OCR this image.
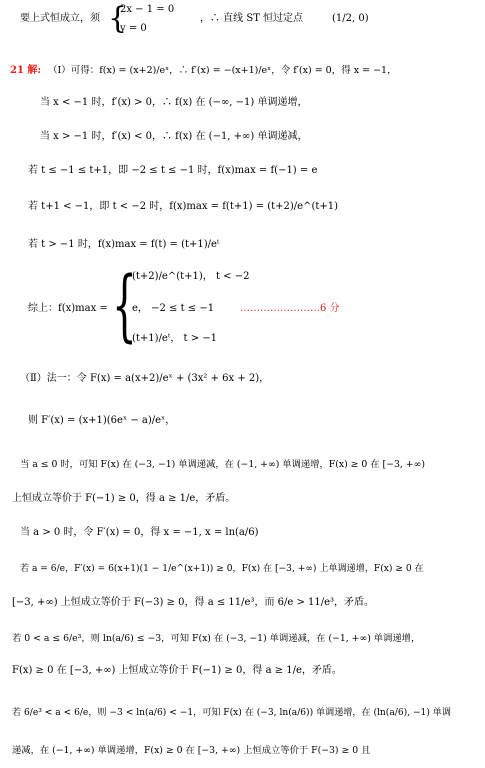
要上式恒成立，须 {
2x − 1 = 0
y = 0
，∴ 直线 ST 恒过定点	(1/2, 0)
21 解: （Ⅰ）可得：f(x) = (x+2)/eˣ，∴ f′(x) = −(x+1)/eˣ，令 f′(x) = 0，得 x = −1，
当 x < −1 时，f′(x) > 0，∴ f(x) 在 (−∞, −1) 单调递增，
当 x > −1 时，f′(x) < 0，∴ f(x) 在 (−1, +∞) 单调递减，
若 t ≤ −1 ≤ t+1，即 −2 ≤ t ≤ −1 时，f(x)max = f(−1) = e
若 t+1 < −1，即 t < −2 时，f(x)max = f(t+1) = (t+2)/e^(t+1)
若 t > −1 时，f(x)max = f(t) = (t+1)/eᵗ
综上：f(x)max = {
(t+2)/e^(t+1)， t < −2
e， −2 ≤ t ≤ −1
(t+1)/eᵗ， t > −1
……………………6 分
（Ⅱ）法一：令 F(x) = a(x+2)/eˣ + (3x² + 6x + 2)，
则 F′(x) = (x+1)(6eˣ − a)/eˣ，
当 a ≤ 0 时，可知 F(x) 在 (−3, −1) 单调递减，在 (−1, +∞) 单调递增，F(x) ≥ 0 在 [−3, +∞)
上恒成立等价于 F(−1) ≥ 0，得 a ≥ 1/e，矛盾。
当 a > 0 时，令 F′(x) = 0，得 x = −1, x = ln(a/6)
若 a = 6/e，F′(x) = 6(x+1)(1 − 1/e^(x+1)) ≥ 0，F(x) 在 [−3, +∞) 上单调递增，F(x) ≥ 0 在
[−3, +∞) 上恒成立等价于 F(−3) ≥ 0，得 a ≤ 11/e³，而 6/e > 11/e³，矛盾。
若 0 < a ≤ 6/e³，则 ln(a/6) ≤ −3，可知 F(x) 在 (−3, −1) 单调递减，在 (−1, +∞) 单调递增，
F(x) ≥ 0 在 [−3, +∞) 上恒成立等价于 F(−1) ≥ 0，得 a ≥ 1/e，矛盾。
若 6/e³ < a < 6/e，则 −3 < ln(a/6) < −1，可知 F(x) 在 (−3, ln(a/6)) 单调递增，在 (ln(a/6), −1) 单调
递减，在 (−1, +∞) 单调递增，F(x) ≥ 0 在 [−3, +∞) 上恒成立等价于 F(−3) ≥ 0 且
